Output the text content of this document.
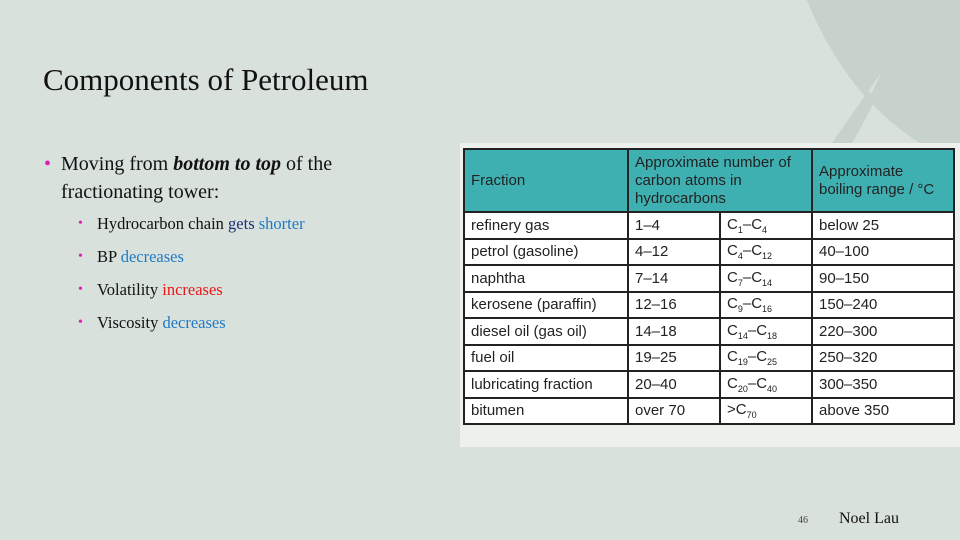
Components of Petroleum
• Moving from bottom to top of the fractionating tower:
• Hydrocarbon chain gets shorter
• BP decreases
• Volatility increases
• Viscosity decreases
Fraction	Approximate number of carbon atoms in hydrocarbons		Approximate boiling range / °C
refinery gas	1–4	$C_1-C_4$	below 25
petrol (gasoline)	4–12	$C_4-C_{12}$	40–100
naphtha	7–14	$C_7-C_{14}$	90–150
kerosene (paraffin)	12–16	$C_9-C_{16}$	150–240
diesel oil (gas oil)	14–18	$C_{14}-C_{18}$	220–300
fuel oil	19–25	$C_{19}-C_{25}$	250–320
lubricating fraction	20–40	$C_{20}-C_{40}$	300–350
bitumen	over 70	$>C_{70}$	above 350
46 Noel Lau
